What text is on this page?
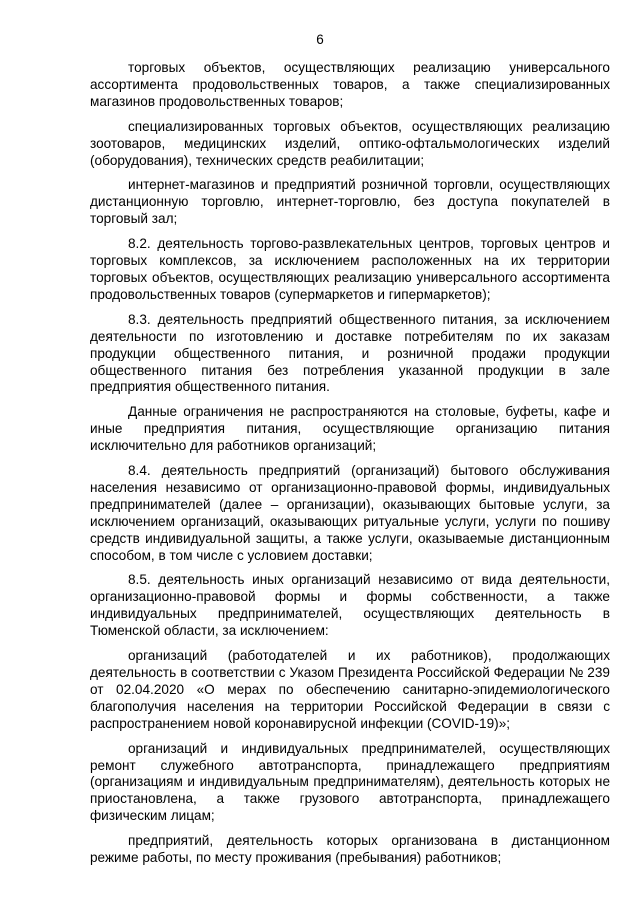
6

торговых объектов, осуществляющих реализацию универсального ассортимента продовольственных товаров, а также специализированных магазинов продовольственных товаров;

специализированных торговых объектов, осуществляющих реализацию зоотоваров, медицинских изделий, оптико-офтальмологических изделий (оборудования), технических средств реабилитации;

интернет-магазинов и предприятий розничной торговли, осуществляющих дистанционную торговлю, интернет-торговлю, без доступа покупателей в торговый зал;

8.2. деятельность торгово-развлекательных центров, торговых центров и торговых комплексов, за исключением расположенных на их территории торговых объектов, осуществляющих реализацию универсального ассортимента продовольственных товаров (супермаркетов и гипермаркетов);

8.3. деятельность предприятий общественного питания, за исключением деятельности по изготовлению и доставке потребителям по их заказам продукции общественного питания, и розничной продажи продукции общественного питания без потребления указанной продукции в зале предприятия общественного питания.

Данные ограничения не распространяются на столовые, буфеты, кафе и иные предприятия питания, осуществляющие организацию питания исключительно для работников организаций;

8.4. деятельность предприятий (организаций) бытового обслуживания населения независимо от организационно-правовой формы, индивидуальных предпринимателей (далее – организации), оказывающих бытовые услуги, за исключением организаций, оказывающих ритуальные услуги, услуги по пошиву средств индивидуальной защиты, а также услуги, оказываемые дистанционным способом, в том числе с условием доставки;

8.5. деятельность иных организаций независимо от вида деятельности, организационно-правовой формы и формы собственности, а также индивидуальных предпринимателей, осуществляющих деятельность в Тюменской области, за исключением:

организаций (работодателей и их работников), продолжающих деятельность в соответствии с Указом Президента Российской Федерации № 239 от 02.04.2020 «О мерах по обеспечению санитарно-эпидемиологического благополучия населения на территории Российской Федерации в связи с распространением новой коронавирусной инфекции (COVID-19)»;

организаций и индивидуальных предпринимателей, осуществляющих ремонт служебного автотранспорта, принадлежащего предприятиям (организациям и индивидуальным предпринимателям), деятельность которых не приостановлена, а также грузового автотранспорта, принадлежащего физическим лицам;

предприятий, деятельность которых организована в дистанционном режиме работы, по месту проживания (пребывания) работников;
